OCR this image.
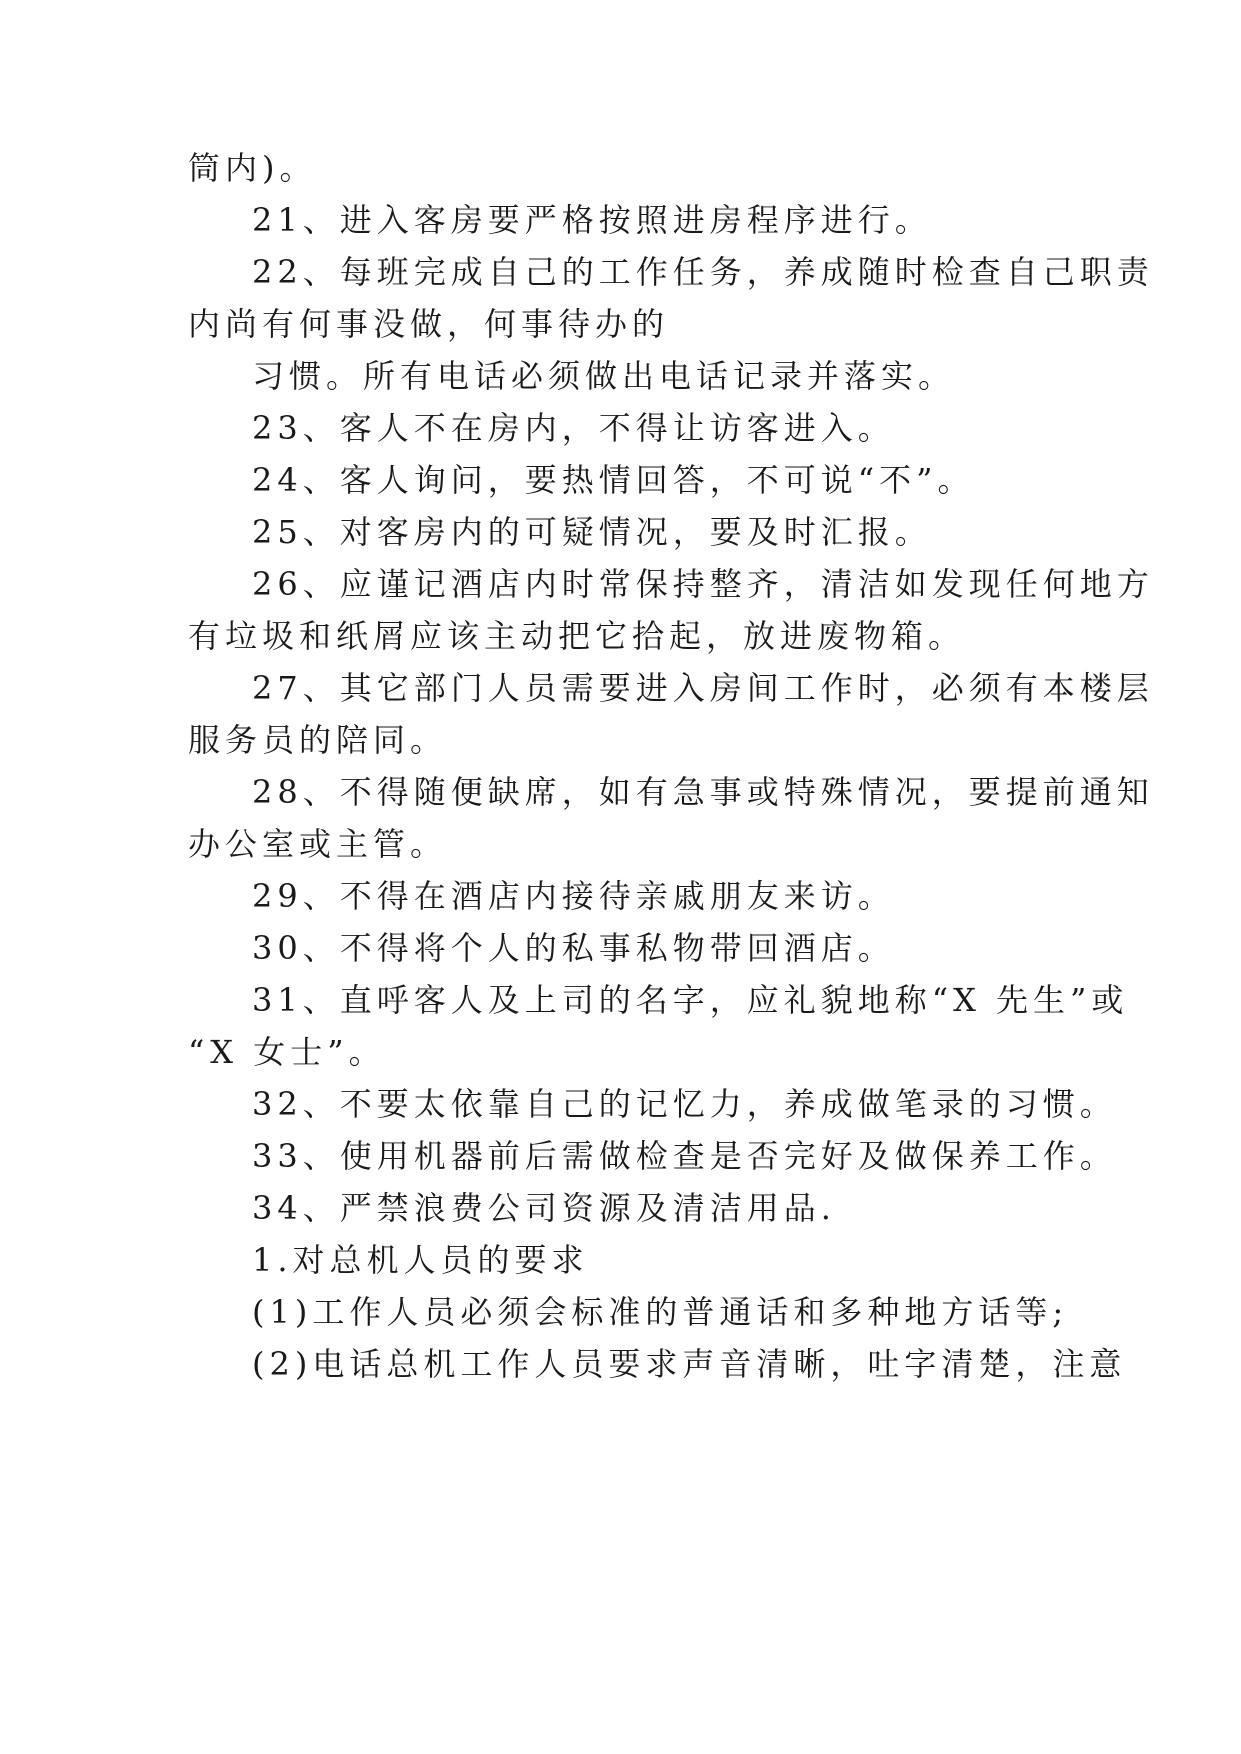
筒内)。
21、进入客房要严格按照进房程序进行。
22、每班完成自己的工作任务，养成随时检查自己职责
内尚有何事没做，何事待办的
习惯。所有电话必须做出电话记录并落实。
23、客人不在房内，不得让访客进入。
24、客人询问，要热情回答，不可说“不”。
25、对客房内的可疑情况，要及时汇报。
26、应谨记酒店内时常保持整齐，清洁如发现任何地方
有垃圾和纸屑应该主动把它拾起，放进废物箱。
27、其它部门人员需要进入房间工作时，必须有本楼层
服务员的陪同。
28、不得随便缺席，如有急事或特殊情况，要提前通知
办公室或主管。
29、不得在酒店内接待亲戚朋友来访。
30、不得将个人的私事私物带回酒店。
31、直呼客人及上司的名字，应礼貌地称“X 先生”或
“X 女士”。
32、不要太依靠自己的记忆力，养成做笔录的习惯。
33、使用机器前后需做检查是否完好及做保养工作。
34、严禁浪费公司资源及清洁用品.
1.对总机人员的要求
(1)工作人员必须会标准的普通话和多种地方话等;
(2)电话总机工作人员要求声音清晰，吐字清楚，注意
